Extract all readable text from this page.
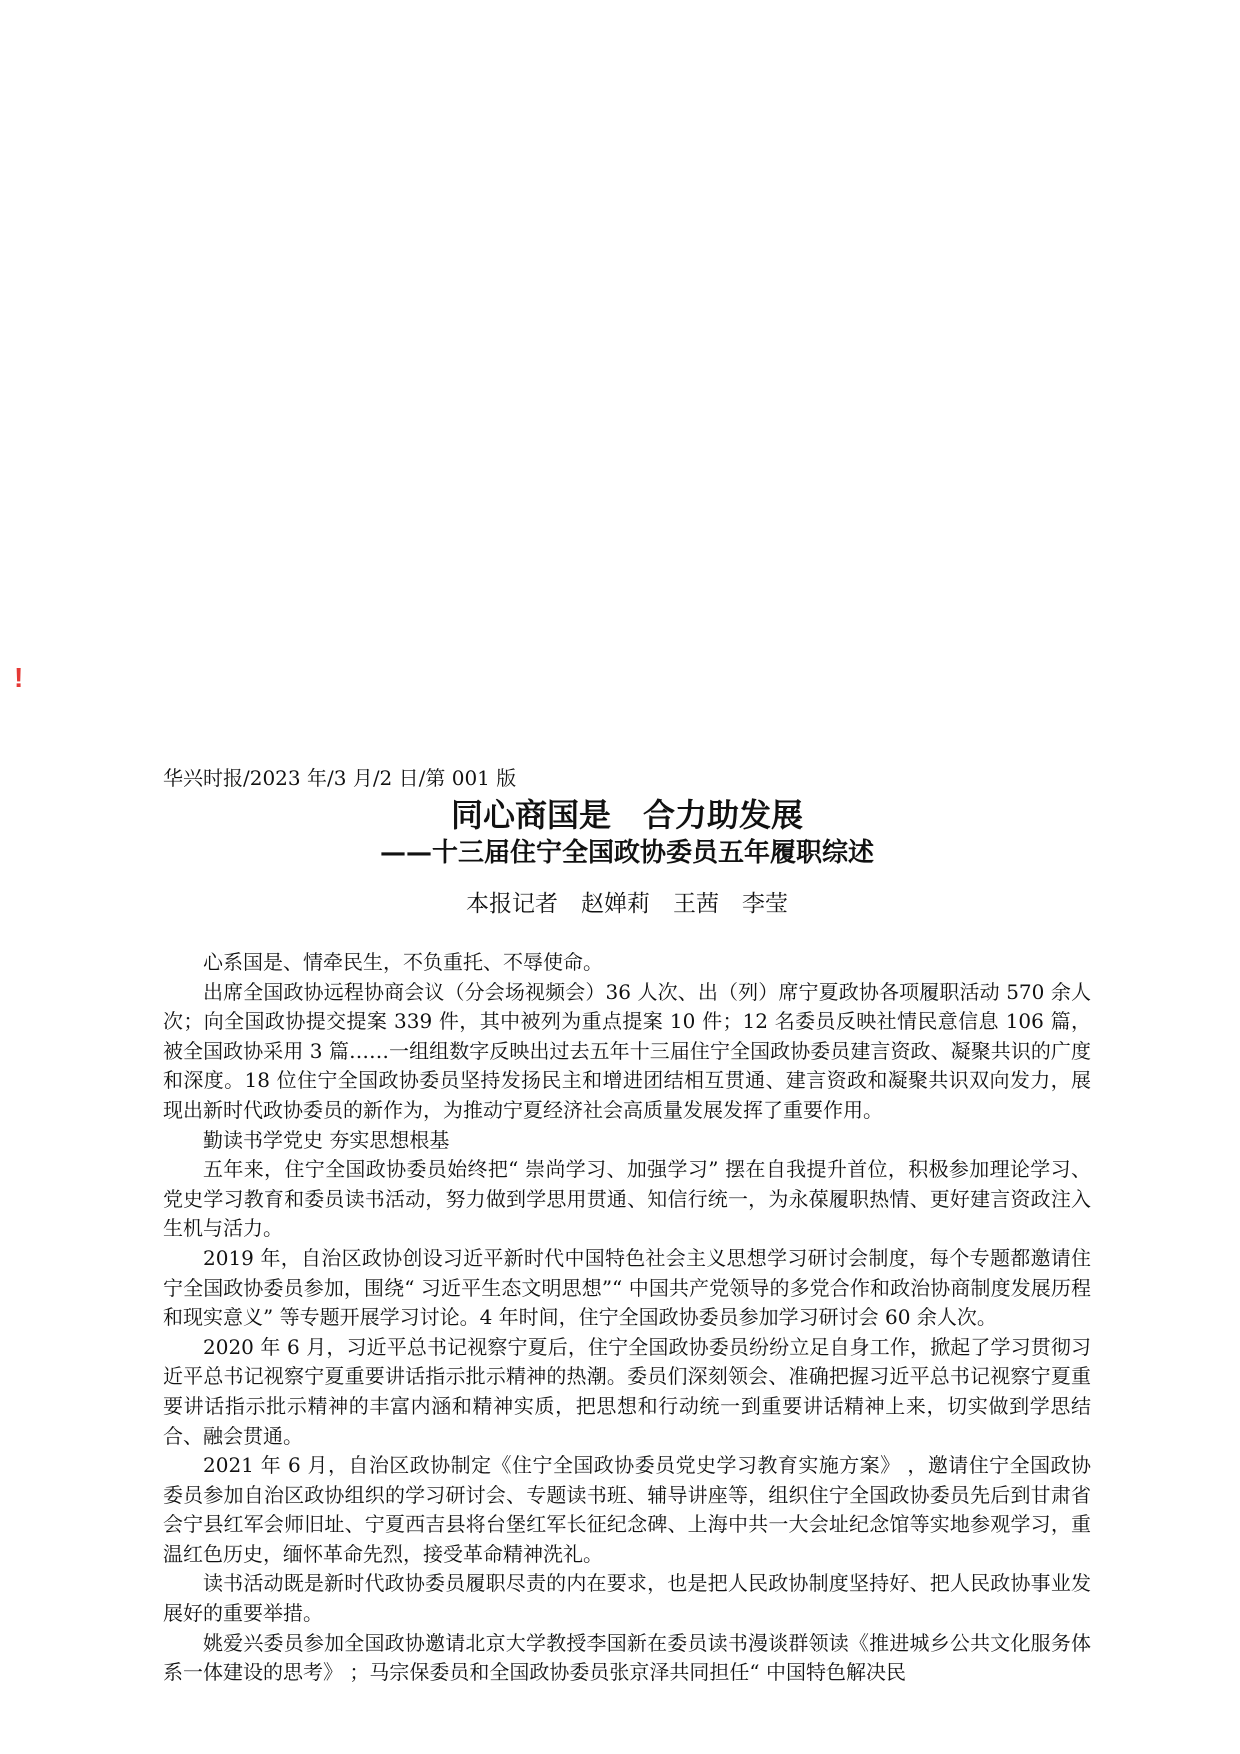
!

华兴时报/2023 年/3 月/2 日/第 001 版

同心商国是　合力助发展
——十三届住宁全国政协委员五年履职综述
本报记者　赵婵莉　王茜　李莹

心系国是、情牵民生，不负重托、不辱使命。

出席全国政协远程协商会议（分会场视频会）36 人次、出（列）席宁夏政协各项履职活动 570 余人次；向全国政协提交提案 339 件，其中被列为重点提案 10 件；12 名委员反映社情民意信息 106 篇，被全国政协采用 3 篇……一组组数字反映出过去五年十三届住宁全国政协委员建言资政、凝聚共识的广度和深度。18 位住宁全国政协委员坚持发扬民主和增进团结相互贯通、建言资政和凝聚共识双向发力，展现出新时代政协委员的新作为，为推动宁夏经济社会高质量发展发挥了重要作用。

勤读书学党史 夯实思想根基

五年来，住宁全国政协委员始终把“ 崇尚学习、加强学习” 摆在自我提升首位，积极参加理论学习、党史学习教育和委员读书活动，努力做到学思用贯通、知信行统一，为永葆履职热情、更好建言资政注入生机与活力。

2019 年，自治区政协创设习近平新时代中国特色社会主义思想学习研讨会制度，每个专题都邀请住宁全国政协委员参加，围绕“ 习近平生态文明思想”“ 中国共产党领导的多党合作和政治协商制度发展历程和现实意义” 等专题开展学习讨论。4 年时间，住宁全国政协委员参加学习研讨会 60 余人次。

2020 年 6 月，习近平总书记视察宁夏后，住宁全国政协委员纷纷立足自身工作，掀起了学习贯彻习近平总书记视察宁夏重要讲话指示批示精神的热潮。委员们深刻领会、准确把握习近平总书记视察宁夏重要讲话指示批示精神的丰富内涵和精神实质，把思想和行动统一到重要讲话精神上来，切实做到学思结合、融会贯通。

2021 年 6 月，自治区政协制定《住宁全国政协委员党史学习教育实施方案》 ，邀请住宁全国政协委员参加自治区政协组织的学习研讨会、专题读书班、辅导讲座等，组织住宁全国政协委员先后到甘肃省会宁县红军会师旧址、宁夏西吉县将台堡红军长征纪念碑、上海中共一大会址纪念馆等实地参观学习，重温红色历史，缅怀革命先烈，接受革命精神洗礼。

读书活动既是新时代政协委员履职尽责的内在要求，也是把人民政协制度坚持好、把人民政协事业发展好的重要举措。

姚爱兴委员参加全国政协邀请北京大学教授李国新在委员读书漫谈群领读《推进城乡公共文化服务体系一体建设的思考》 ；马宗保委员和全国政协委员张京泽共同担任“ 中国特色解决民
